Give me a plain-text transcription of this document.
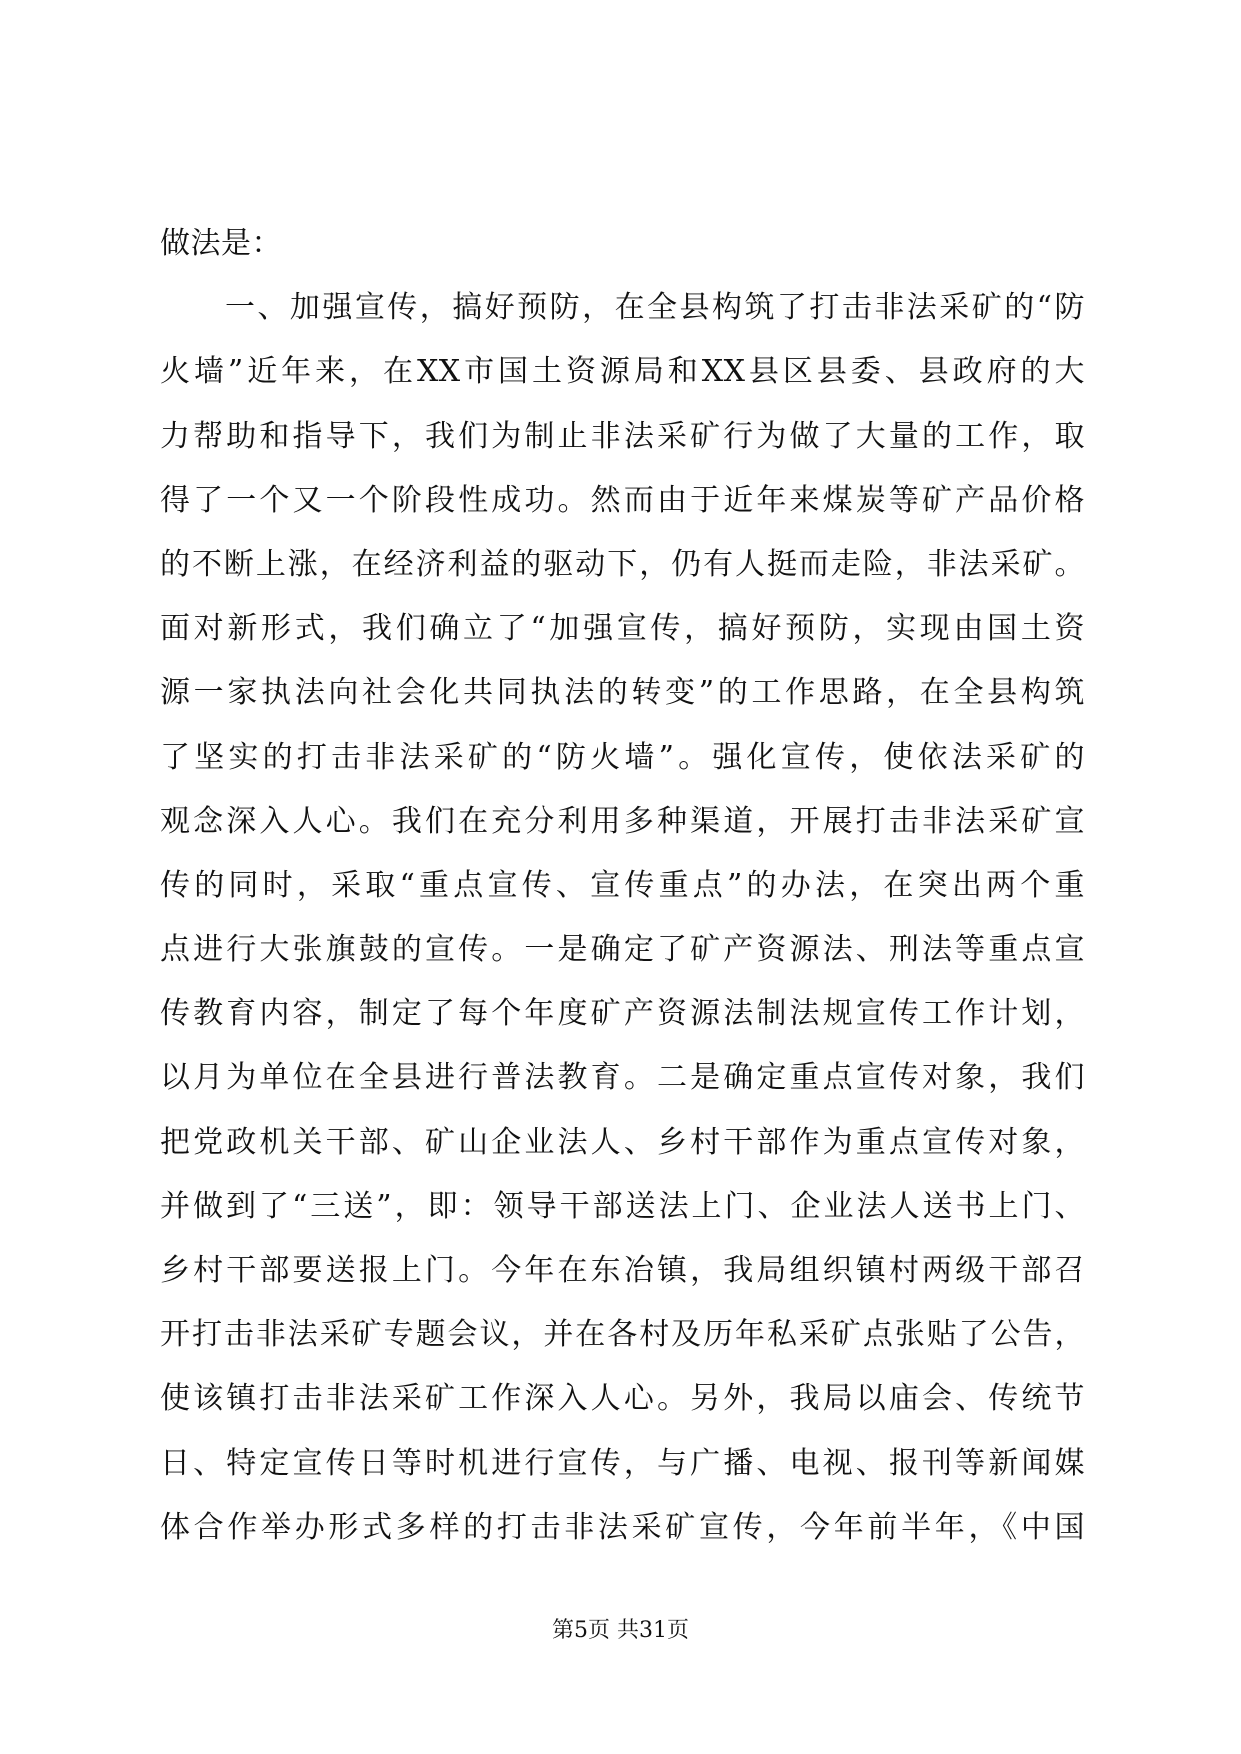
做法是：
　　一、加强宣传，搞好预防，在全县构筑了打击非法采矿的“防
火墙”近年来，在XX市国土资源局和XX县区县委、县政府的大
力帮助和指导下，我们为制止非法采矿行为做了大量的工作，取
得了一个又一个阶段性成功。然而由于近年来煤炭等矿产品价格
的不断上涨，在经济利益的驱动下，仍有人挺而走险，非法采矿。
面对新形式，我们确立了“加强宣传，搞好预防，实现由国土资
源一家执法向社会化共同执法的转变”的工作思路，在全县构筑
了坚实的打击非法采矿的“防火墙”。强化宣传，使依法采矿的
观念深入人心。我们在充分利用多种渠道，开展打击非法采矿宣
传的同时，采取“重点宣传、宣传重点”的办法，在突出两个重
点进行大张旗鼓的宣传。一是确定了矿产资源法、刑法等重点宣
传教育内容，制定了每个年度矿产资源法制法规宣传工作计划，
以月为单位在全县进行普法教育。二是确定重点宣传对象，我们
把党政机关干部、矿山企业法人、乡村干部作为重点宣传对象，
并做到了“三送”，即：领导干部送法上门、企业法人送书上门、
乡村干部要送报上门。今年在东冶镇，我局组织镇村两级干部召
开打击非法采矿专题会议，并在各村及历年私采矿点张贴了公告，
使该镇打击非法采矿工作深入人心。另外，我局以庙会、传统节
日、特定宣传日等时机进行宣传，与广播、电视、报刊等新闻媒
体合作举办形式多样的打击非法采矿宣传，今年前半年，《中国
第5页 共31页
